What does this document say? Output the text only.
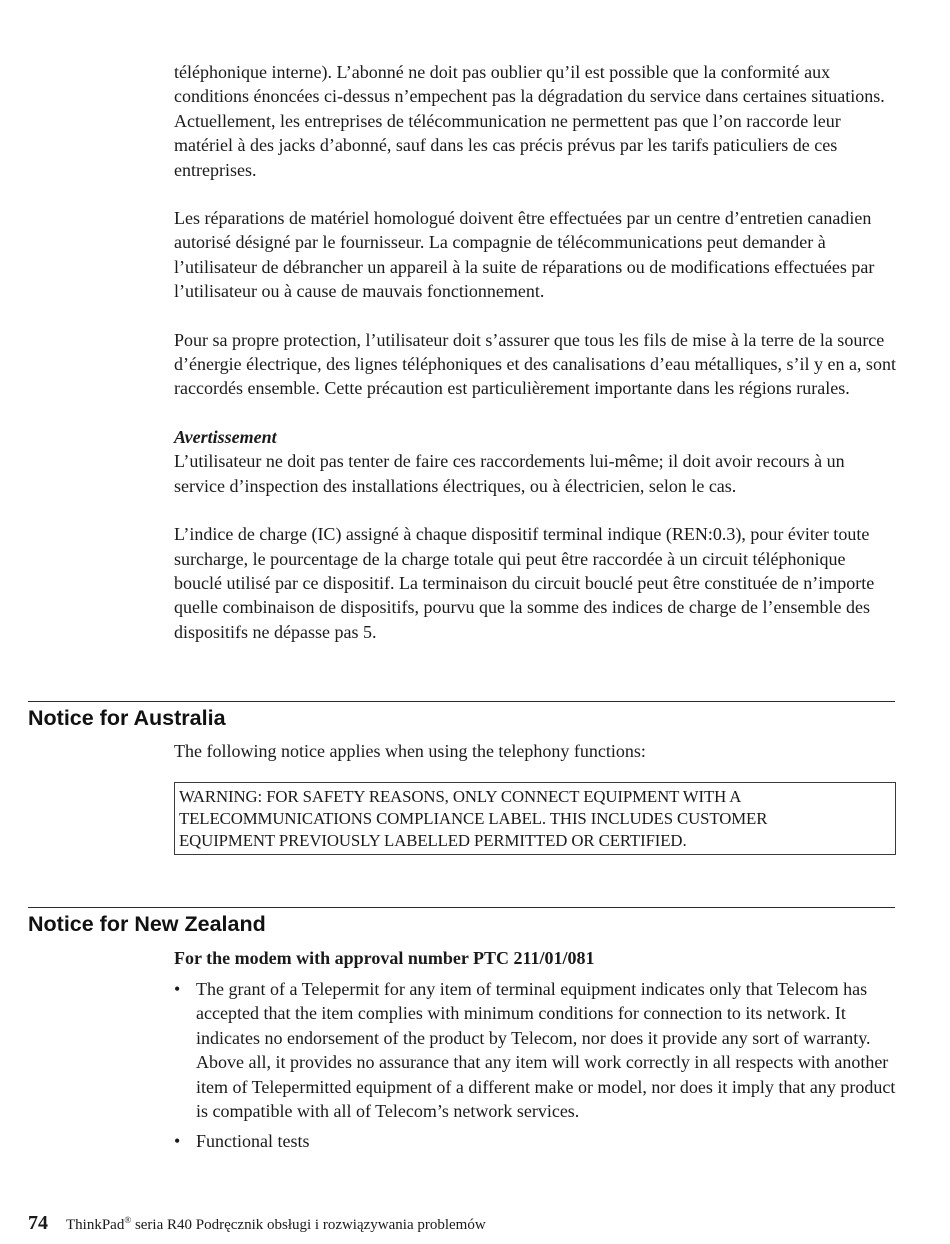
téléphonique interne). L’abonné ne doit pas oublier qu’il est possible que la conformité aux conditions énoncées ci-dessus n’empechent pas la dégradation du service dans certaines situations. Actuellement, les entreprises de télécommunication ne permettent pas que l’on raccorde leur matériel à des jacks d’abonné, sauf dans les cas précis prévus par les tarifs paticuliers de ces entreprises.

Les réparations de matériel homologué doivent être effectuées par un centre d’entretien canadien autorisé désigné par le fournisseur. La compagnie de télécommunications peut demander à l’utilisateur de débrancher un appareil à la suite de réparations ou de modifications effectuées par l’utilisateur ou à cause de mauvais fonctionnement.

Pour sa propre protection, l’utilisateur doit s’assurer que tous les fils de mise à la terre de la source d’énergie électrique, des lignes téléphoniques et des canalisations d’eau métalliques, s’il y en a, sont raccordés ensemble. Cette précaution est particulièrement importante dans les régions rurales.

Avertissement

L’utilisateur ne doit pas tenter de faire ces raccordements lui-même; il doit avoir recours à un service d’inspection des installations électriques, ou à électricien, selon le cas.

L’indice de charge (IC) assigné à chaque dispositif terminal indique (REN:0.3), pour éviter toute surcharge, le pourcentage de la charge totale qui peut être raccordée à un circuit téléphonique bouclé utilisé par ce dispositif. La terminaison du circuit bouclé peut être constituée de n’importe quelle combinaison de dispositifs, pourvu que la somme des indices de charge de l’ensemble des dispositifs ne dépasse pas 5.

Notice for Australia

The following notice applies when using the telephony functions:

WARNING: FOR SAFETY REASONS, ONLY CONNECT EQUIPMENT WITH A
TELECOMMUNICATIONS COMPLIANCE LABEL. THIS INCLUDES CUSTOMER
EQUIPMENT PREVIOUSLY LABELLED PERMITTED OR CERTIFIED.
Notice for New Zealand

For the modem with approval number PTC 211/01/081

• The grant of a Telepermit for any item of terminal equipment indicates only that Telecom has accepted that the item complies with minimum conditions for connection to its network. It indicates no endorsement of the product by Telecom, nor does it provide any sort of warranty. Above all, it provides no assurance that any item will work correctly in all respects with another item of Telepermitted equipment of a different make or model, nor does it imply that any product is compatible with all of Telecom’s network services.
• Functional tests
74 ThinkPad® seria R40 Podręcznik obsługi i rozwiązywania problemów
